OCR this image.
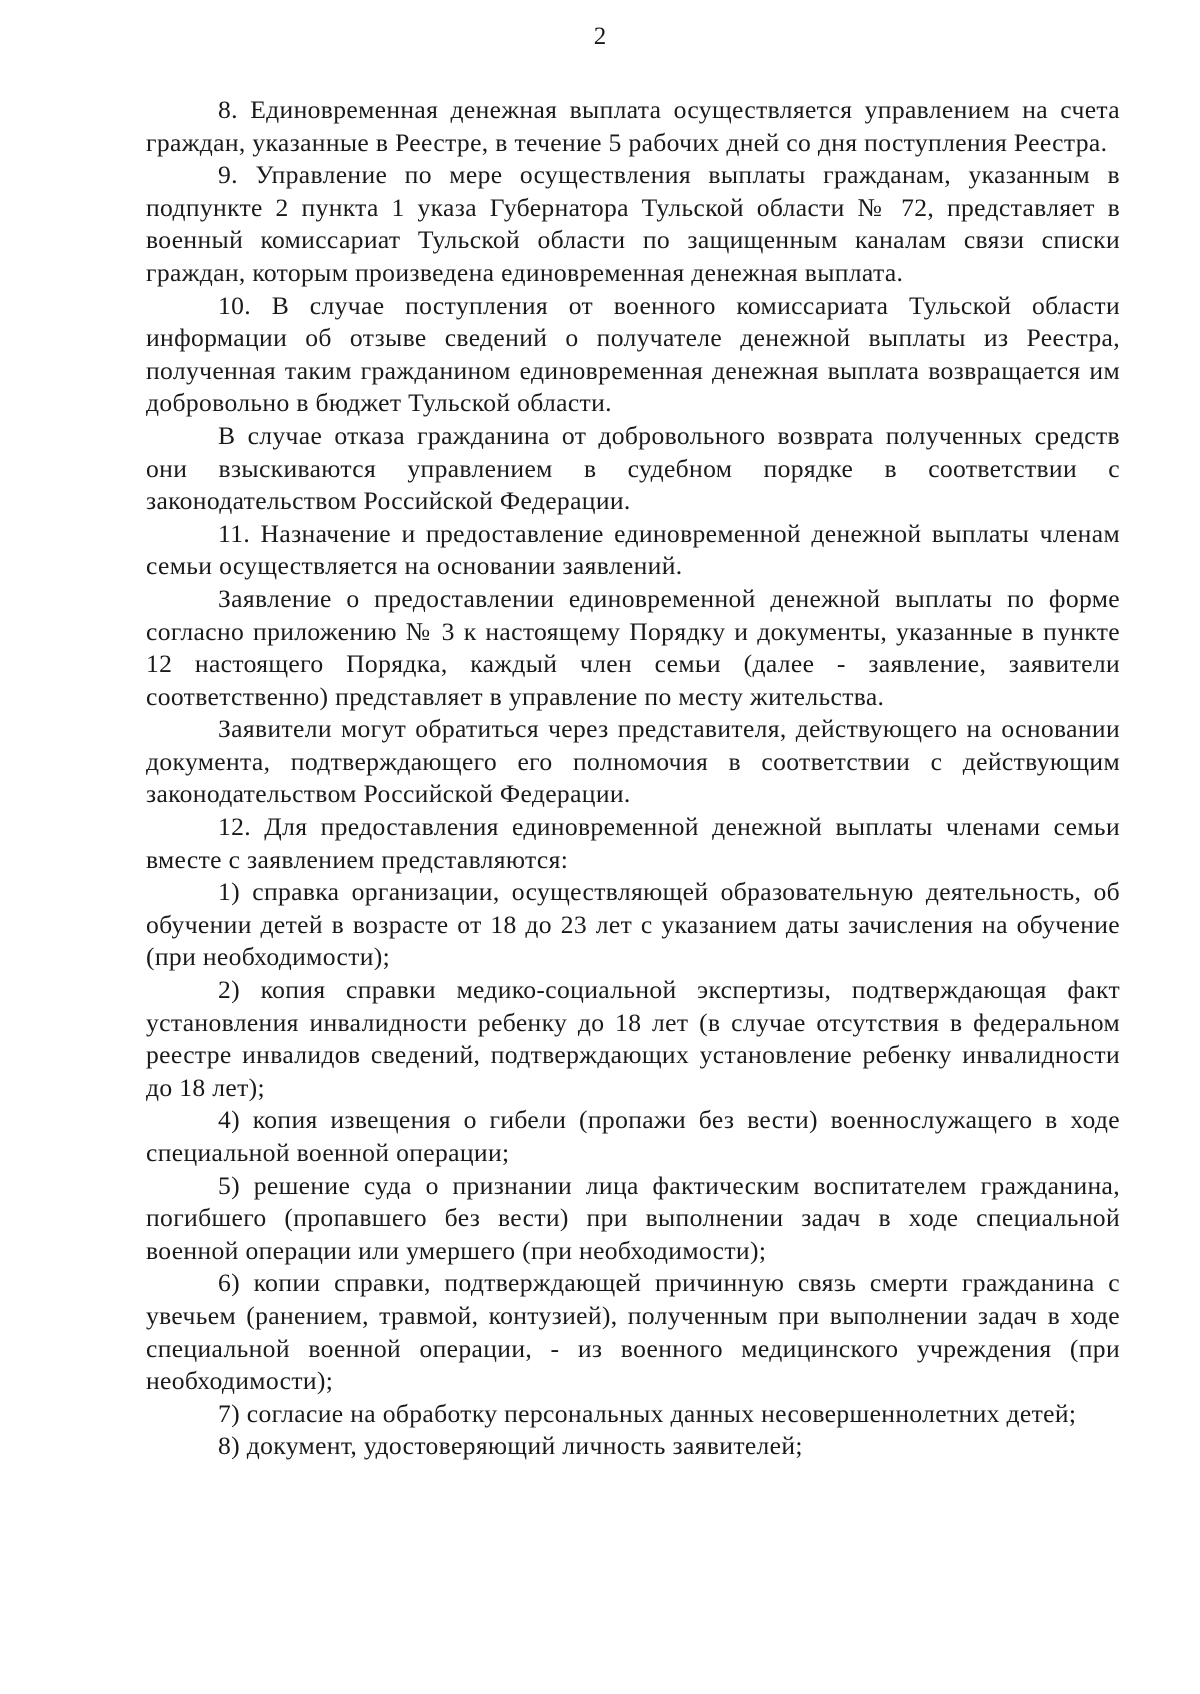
2

8. Единовременная денежная выплата осуществляется управлением на счета граждан, указанные в Реестре, в течение 5 рабочих дней со дня поступления Реестра.

9. Управление по мере осуществления выплаты гражданам, указанным в подпункте 2 пункта 1 указа Губернатора Тульской области № 72, представляет в военный комиссариат Тульской области по защищенным каналам связи списки граждан, которым произведена единовременная денежная выплата.

10. В случае поступления от военного комиссариата Тульской области информации об отзыве сведений о получателе денежной выплаты из Реестра, полученная таким гражданином единовременная денежная выплата возвращается им добровольно в бюджет Тульской области.

В случае отказа гражданина от добровольного возврата полученных средств они взыскиваются управлением в судебном порядке в соответствии с законодательством Российской Федерации.

11. Назначение и предоставление единовременной денежной выплаты членам семьи осуществляется на основании заявлений.

Заявление о предоставлении единовременной денежной выплаты по форме согласно приложению № 3 к настоящему Порядку и документы, указанные в пункте 12 настоящего Порядка, каждый член семьи (далее - заявление, заявители соответственно) представляет в управление по месту жительства.

Заявители могут обратиться через представителя, действующего на основании документа, подтверждающего его полномочия в соответствии с действующим законодательством Российской Федерации.

12. Для предоставления единовременной денежной выплаты членами семьи вместе с заявлением представляются:

1) справка организации, осуществляющей образовательную деятельность, об обучении детей в возрасте от 18 до 23 лет с указанием даты зачисления на обучение (при необходимости);

2) копия справки медико-социальной экспертизы, подтверждающая факт установления инвалидности ребенку до 18 лет (в случае отсутствия в федеральном реестре инвалидов сведений, подтверждающих установление ребенку инвалидности до 18 лет);

4) копия извещения о гибели (пропажи без вести) военнослужащего в ходе специальной военной операции;

5) решение суда о признании лица фактическим воспитателем гражданина, погибшего (пропавшего без вести) при выполнении задач в ходе специальной военной операции или умершего (при необходимости);

6) копии справки, подтверждающей причинную связь смерти гражданина с увечьем (ранением, травмой, контузией), полученным при выполнении задач в ходе специальной военной операции, - из военного медицинского учреждения (при необходимости);

7) согласие на обработку персональных данных несовершеннолетних детей;

8) документ, удостоверяющий личность заявителей;
